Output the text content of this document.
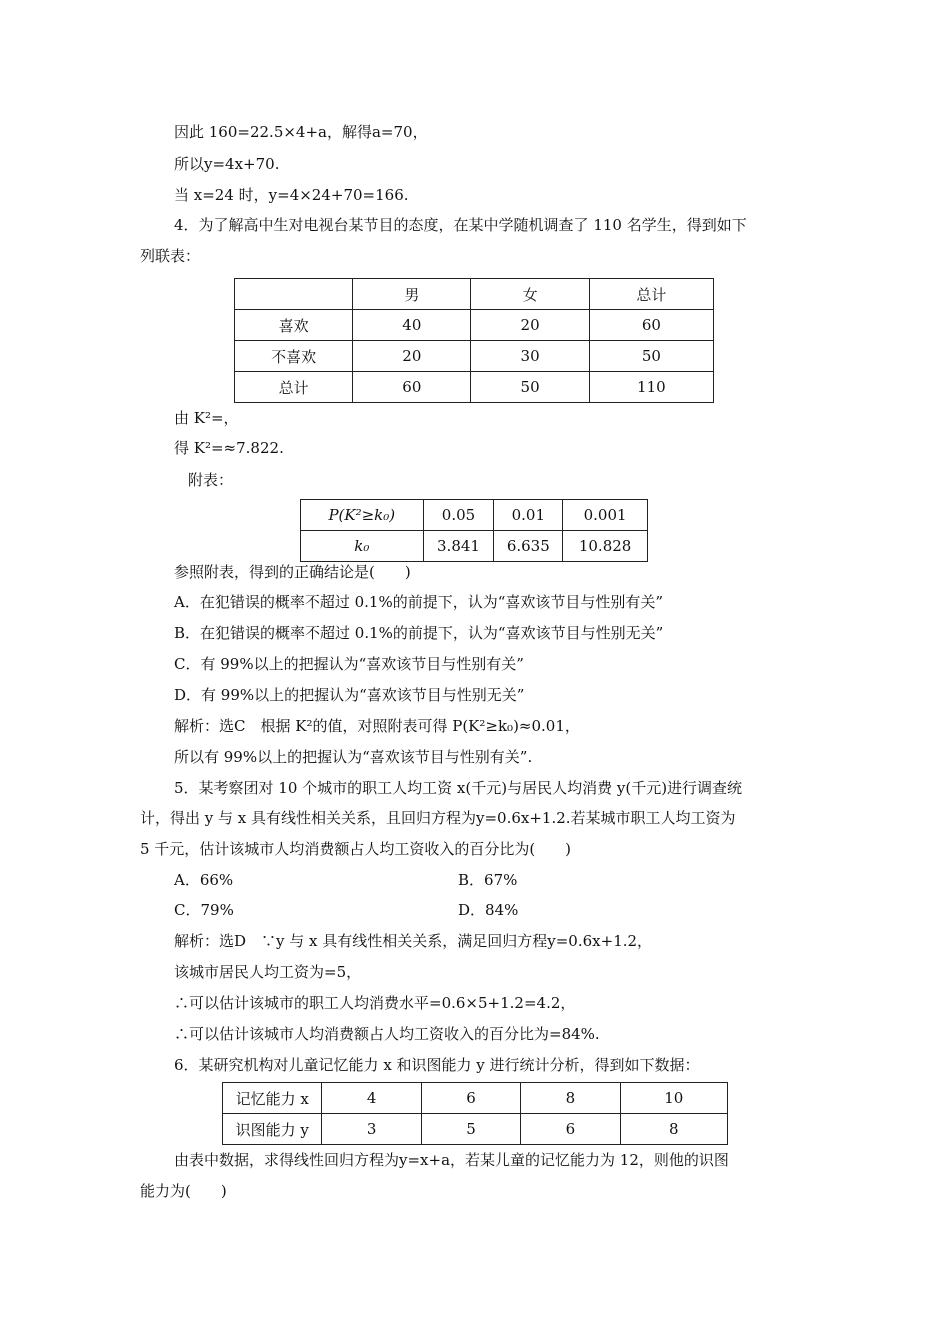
因此 160=22.5×4+a，解得a=70，
所以y=4x+70.
当 x=24 时，y=4×24+70=166.
4．为了解高中生对电视台某节目的态度，在某中学随机调查了 110 名学生，得到如下
列联表：
	男	女	总计
喜欢	40	20	60
不喜欢	20	30	50
总计	60	50	110
由 K²=，
得 K²=≈7.822.
附表：
P(K²≥k₀)	0.05	0.01	0.001
k₀	3.841	6.635	10.828
参照附表，得到的正确结论是(　　)
A．在犯错误的概率不超过 0.1%的前提下，认为“喜欢该节目与性别有关”
B．在犯错误的概率不超过 0.1%的前提下，认为“喜欢该节目与性别无关”
C．有 99%以上的把握认为“喜欢该节目与性别有关”
D．有 99%以上的把握认为“喜欢该节目与性别无关”
解析：选C　根据 K²的值，对照附表可得 P(K²≥k₀)≈0.01，
所以有 99%以上的把握认为“喜欢该节目与性别有关”.
5．某考察团对 10 个城市的职工人均工资 x(千元)与居民人均消费 y(千元)进行调查统
计，得出 y 与 x 具有线性相关关系，且回归方程为y=0.6x+1.2.若某城市职工人均工资为
5 千元，估计该城市人均消费额占人均工资收入的百分比为(　　)
A．66%	B．67%
C．79%	D．84%
解析：选D　∵y 与 x 具有线性相关关系，满足回归方程y=0.6x+1.2，
该城市居民人均工资为=5，
∴可以估计该城市的职工人均消费水平=0.6×5+1.2=4.2，
∴可以估计该城市人均消费额占人均工资收入的百分比为=84%.
6．某研究机构对儿童记忆能力 x 和识图能力 y 进行统计分析，得到如下数据：
记忆能力 x	4	6	8	10
识图能力 y	3	5	6	8
由表中数据，求得线性回归方程为y=x+a，若某儿童的记忆能力为 12，则他的识图
能力为(　　)
